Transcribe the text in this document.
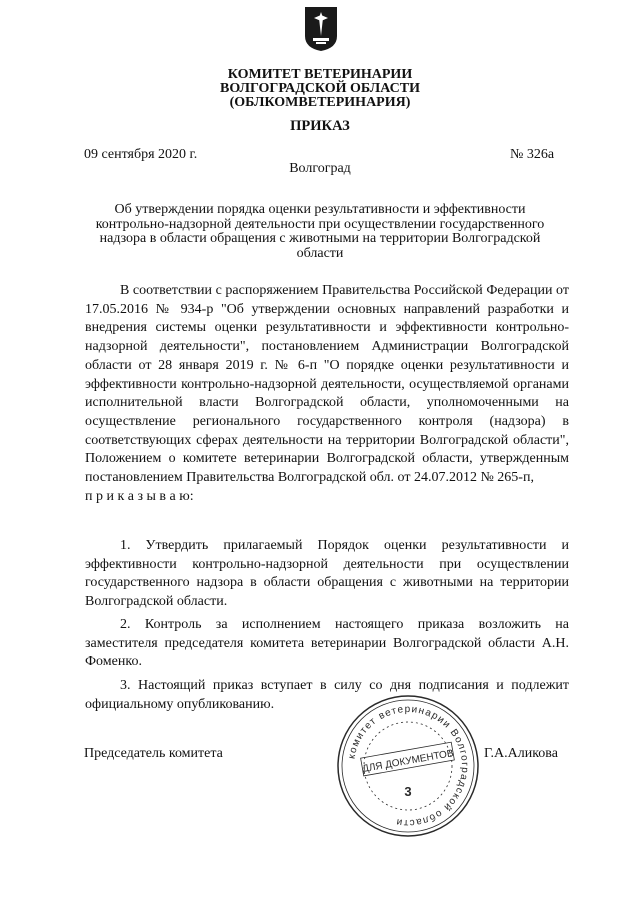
КОМИТЕТ ВЕТЕРИНАРИИ
ВОЛГОГРАДСКОЙ ОБЛАСТИ
(ОБЛКОМВЕТЕРИНАРИЯ)
ПРИКАЗ
09 сентября 2020 г.	№ 326а
Волгоград
Об утверждении порядка оценки результативности и эффективности контрольно-надзорной деятельности при осуществлении государственного надзора в области обращения с животными на территории Волгоградской области

В соответствии с распоряжением Правительства Российской Федерации от 17.05.2016 № 934-р "Об утверждении основных направлений разработки и внедрения системы оценки результативности и эффективности контрольно-надзорной деятельности", постановлением Администрации Волгоградской области от 28 января 2019 г. № 6-п "О порядке оценки результативности и эффективности контрольно-надзорной деятельности, осуществляемой органами исполнительной власти Волгоградской области, уполномоченными на осуществление регионального государственного контроля (надзора) в соответствующих сферах деятельности на территории Волгоградской области", Положением о комитете ветеринарии Волгоградской области, утвержденным постановлением Правительства Волгоградской обл. от 24.07.2012 № 265-п,

п р и к а з ы в а ю:

1. Утвердить прилагаемый Порядок оценки результативности и эффективности контрольно-надзорной деятельности при осуществлении государственного надзора в области обращения с животными на территории Волгоградской области.

2. Контроль за исполнением настоящего приказа возложить на заместителя председателя комитета ветеринарии Волгоградской области А.Н. Фоменко.

3. Настоящий приказ вступает в силу со дня подписания и подлежит официальному опубликованию.

Председатель комитета	Г.А.Аликова
комитет ветеринарии Волгоградской области
ДЛЯ ДОКУМЕНТОВ
3
